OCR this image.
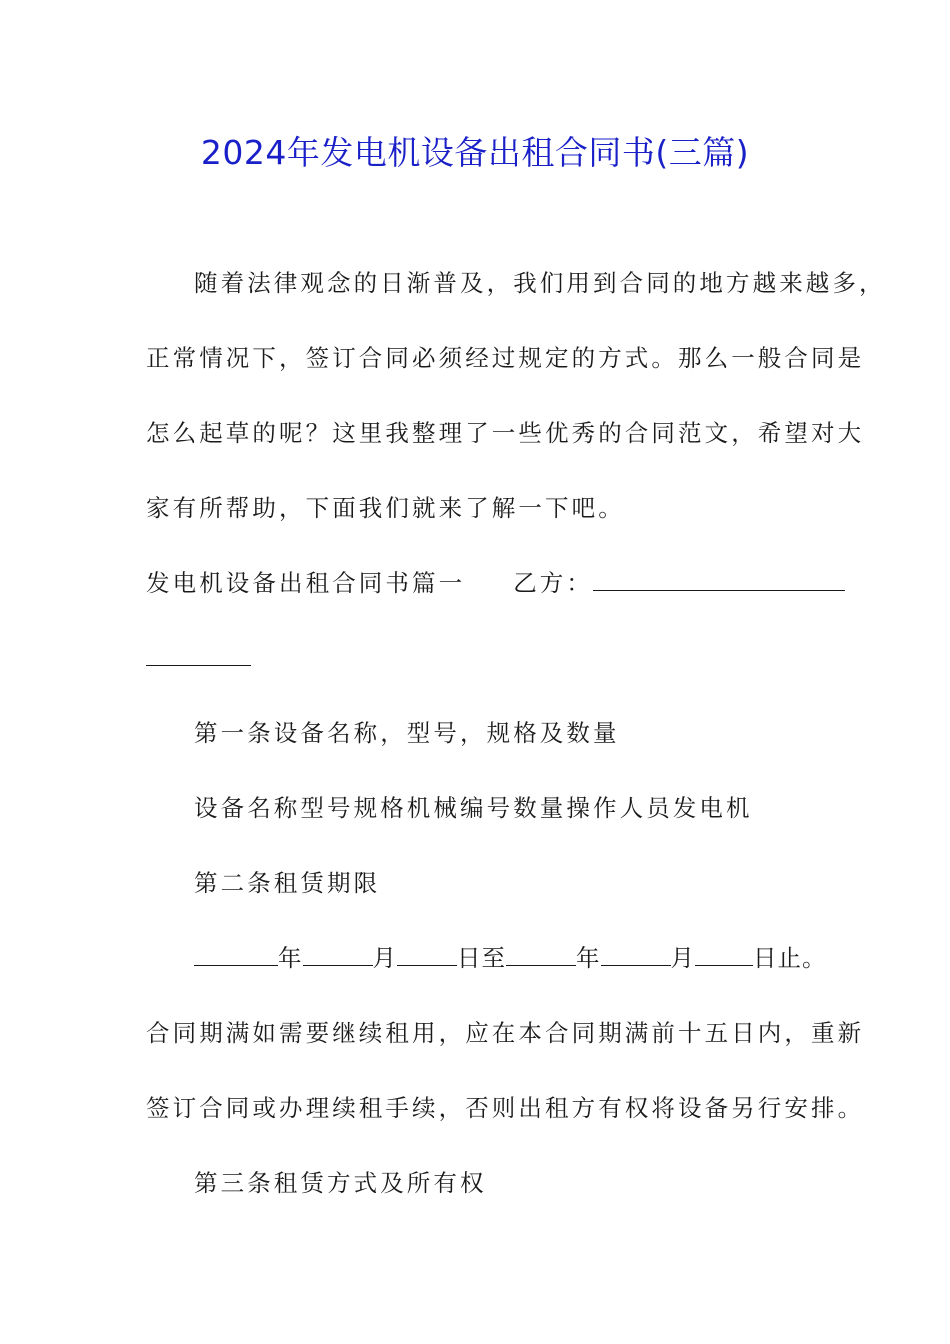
2024年发电机设备出租合同书(三篇)
随着法律观念的日渐普及，我们用到合同的地方越来越多，
正常情况下，签订合同必须经过规定的方式。那么一般合同是
怎么起草的呢？这里我整理了一些优秀的合同范文，希望对大
家有所帮助，下面我们就来了解一下吧。
发电机设备出租合同书篇一 乙方：
第一条设备名称，型号，规格及数量
设备名称型号规格机械编号数量操作人员发电机
第二条租赁期限
年	月	日至	年	月 日止。
合同期满如需要继续租用，应在本合同期满前十五日内，重新
签订合同或办理续租手续，否则出租方有权将设备另行安排。
第三条租赁方式及所有权
